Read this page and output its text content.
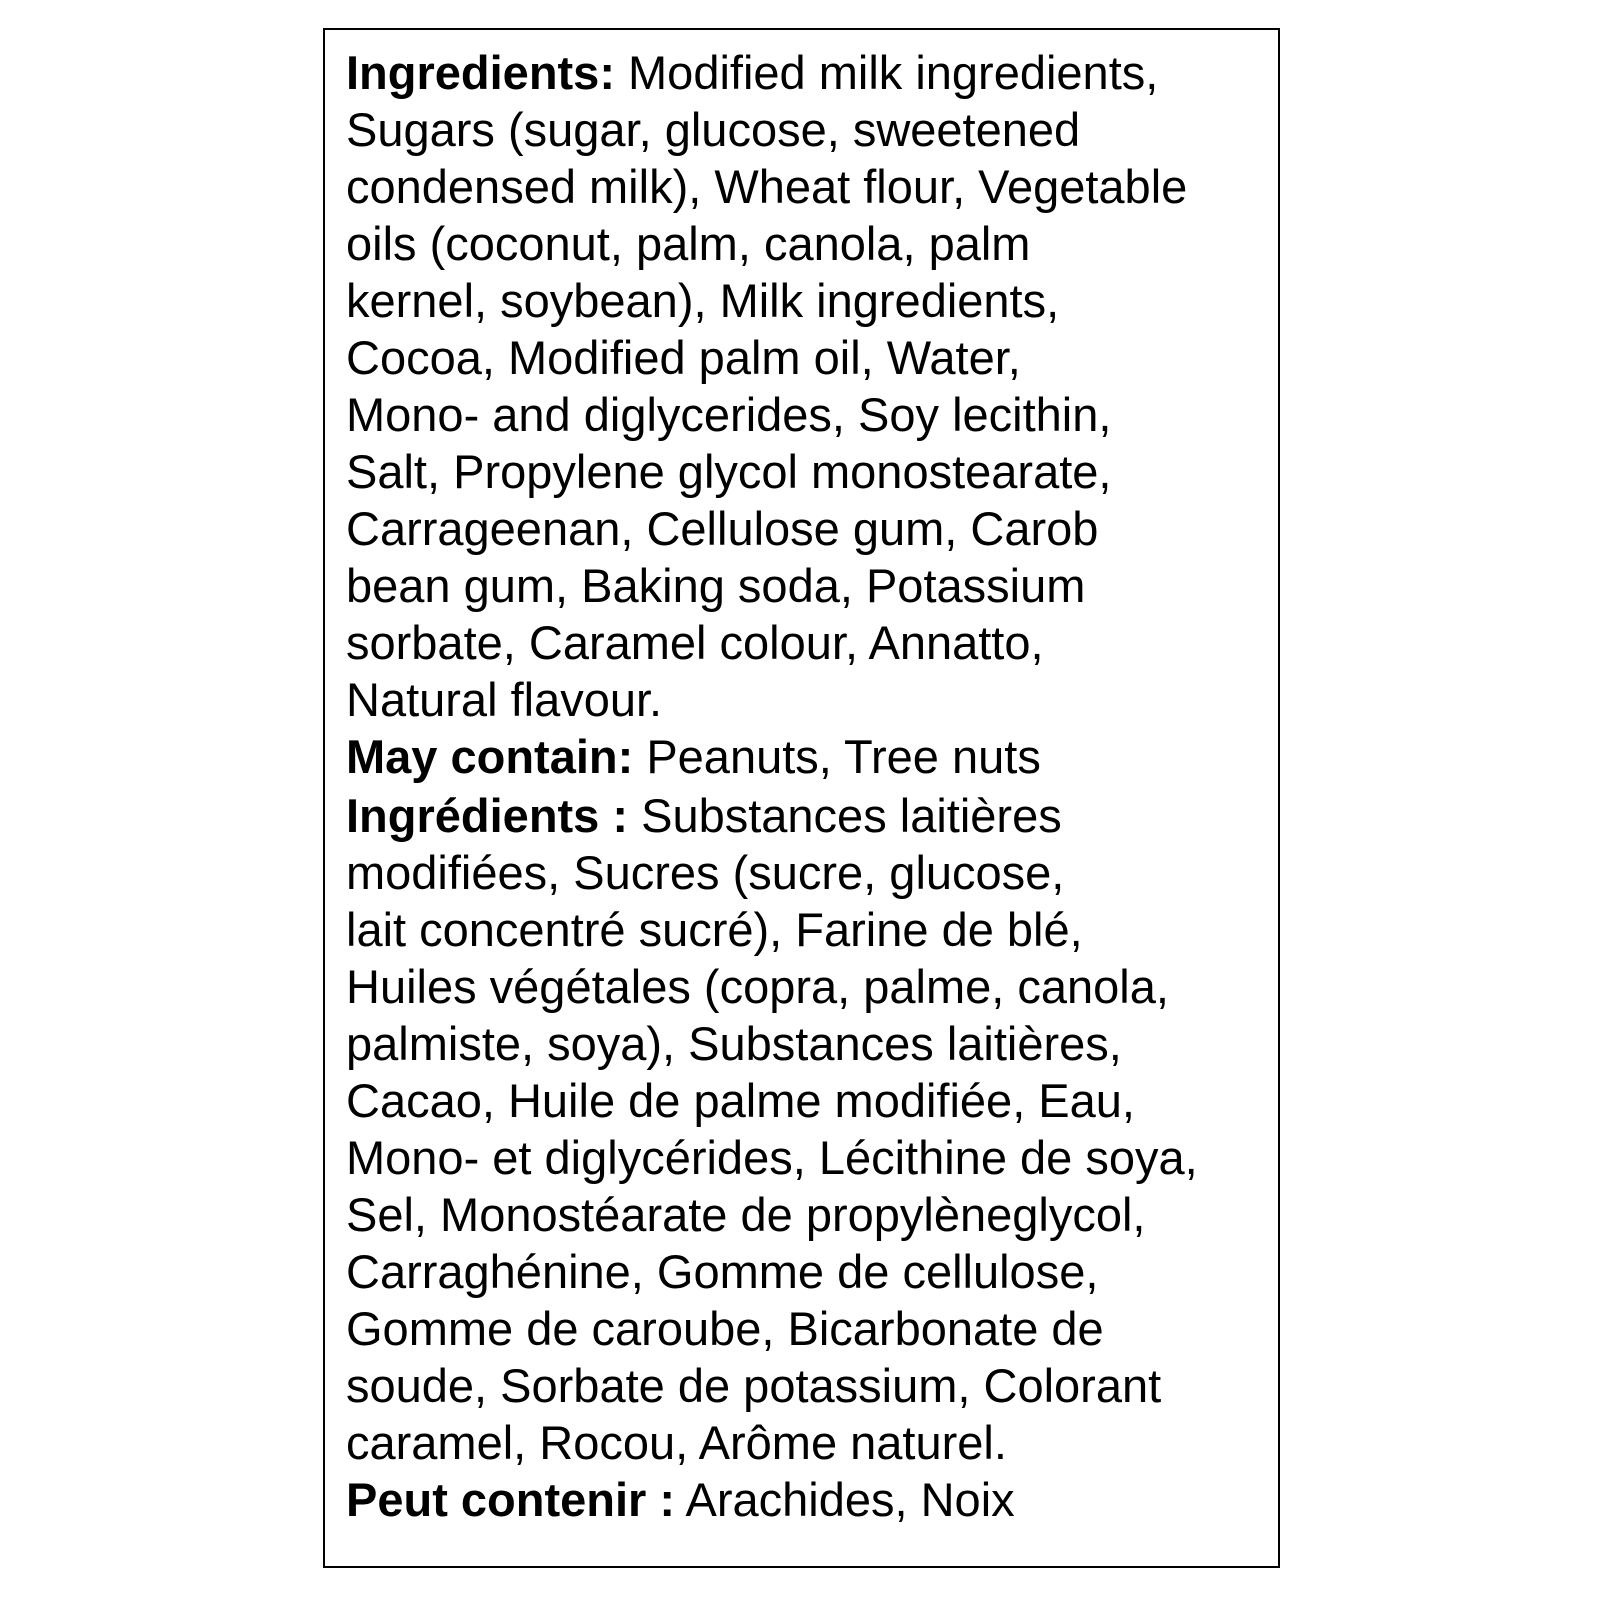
Ingredients: Modified milk ingredients,
Sugars (sugar, glucose, sweetened
condensed milk), Wheat flour, Vegetable
oils (coconut, palm, canola, palm
kernel, soybean), Milk ingredients,
Cocoa, Modified palm oil, Water,
Mono- and diglycerides, Soy lecithin,
Salt, Propylene glycol monostearate,
Carrageenan, Cellulose gum, Carob
bean gum, Baking soda, Potassium
sorbate, Caramel colour, Annatto,
Natural flavour.
May contain: Peanuts, Tree nuts
Ingrédients : Substances laitières
modifiées, Sucres (sucre, glucose,
lait concentré sucré), Farine de blé,
Huiles végétales (copra, palme, canola,
palmiste, soya), Substances laitières,
Cacao, Huile de palme modifiée, Eau,
Mono- et diglycérides, Lécithine de soya,
Sel, Monostéarate de propylèneglycol,
Carraghénine, Gomme de cellulose,
Gomme de caroube, Bicarbonate de
soude, Sorbate de potassium, Colorant
caramel, Rocou, Arôme naturel.
Peut contenir : Arachides, Noix
